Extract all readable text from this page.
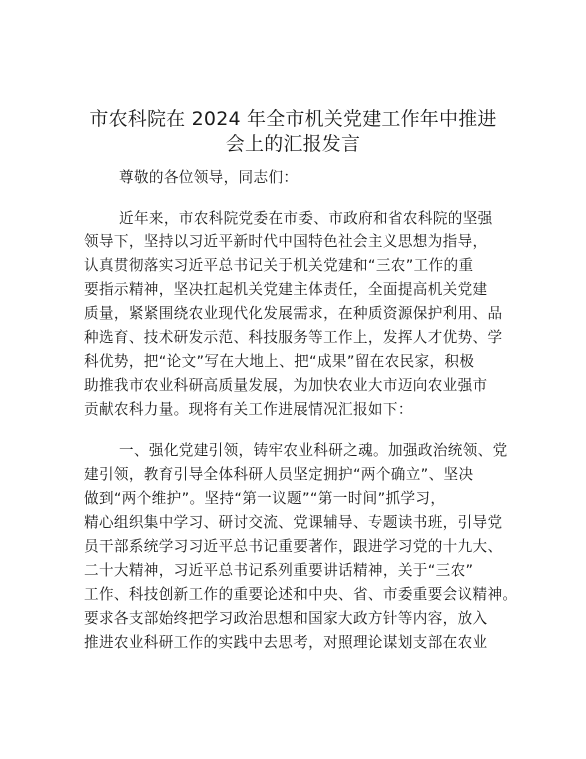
市农科院在 2024 年全市机关党建工作年中推进
会上的汇报发言

尊敬的各位领导，同志们：

近年来，市农科院党委在市委、市政府和省农科院的坚强

领导下，坚持以习近平新时代中国特色社会主义思想为指导，

认真贯彻落实习近平总书记关于机关党建和“三农”工作的重

要指示精神，坚决扛起机关党建主体责任，全面提高机关党建

质量，紧紧围绕农业现代化发展需求，在种质资源保护利用、品

种选育、技术研发示范、科技服务等工作上，发挥人才优势、学

科优势，把“论文”写在大地上、把“成果”留在农民家，积极

助推我市农业科研高质量发展，为加快农业大市迈向农业强市

贡献农科力量。现将有关工作进展情况汇报如下：

一、强化党建引领，铸牢农业科研之魂。加强政治统领、党

建引领，教育引导全体科研人员坚定拥护“两个确立”、坚决

做到“两个维护”。坚持“第一议题”“第一时间”抓学习，

精心组织集中学习、研讨交流、党课辅导、专题读书班，引导党

员干部系统学习习近平总书记重要著作，跟进学习党的十九大、

二十大精神，习近平总书记系列重要讲话精神，关于“三农”

工作、科技创新工作的重要论述和中央、省、市委重要会议精神。

要求各支部始终把学习政治思想和国家大政方针等内容，放入

推进农业科研工作的实践中去思考，对照理论谋划支部在农业
